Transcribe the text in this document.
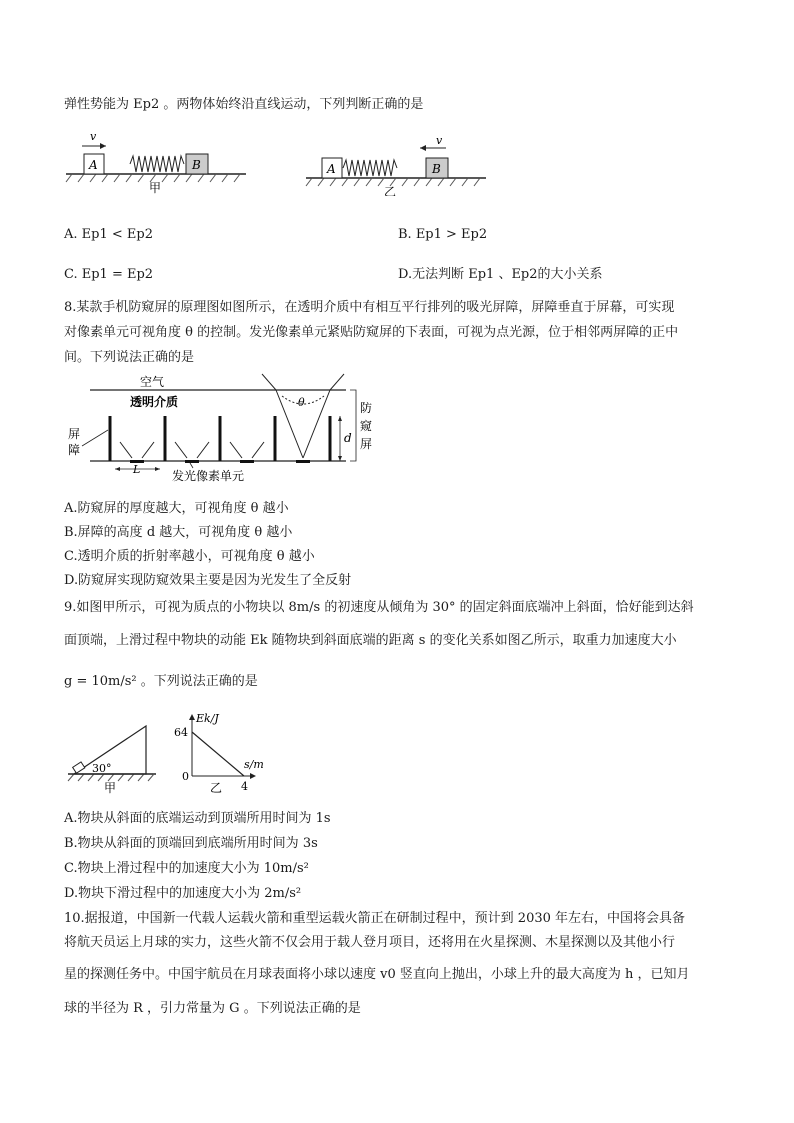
弹性势能为 Ep2 。两物体始终沿直线运动，下列判断正确的是
A	B
v
甲
A	B
v
乙
A. Ep1 < Ep2	B. Ep1 > Ep2
C. Ep1 = Ep2	D.无法判断 Ep1 、Ep2的大小关系
8.某款手机防窥屏的原理图如图所示，在透明介质中有相互平行排列的吸光屏障，屏障垂直于屏幕，可实现
对像素单元可视角度 θ 的控制。发光像素单元紧贴防窥屏的下表面，可视为点光源，位于相邻两屏障的正中
间。下列说法正确的是
空气
透明介质
屏
障
θ
L	发光像素单元
d
防
窥
屏
A.防窥屏的厚度越大，可视角度 θ 越小
B.屏障的高度 d 越大，可视角度 θ 越小
C.透明介质的折射率越小，可视角度 θ 越小
D.防窥屏实现防窥效果主要是因为光发生了全反射
9.如图甲所示，可视为质点的小物块以 8m/s 的初速度从倾角为 30° 的固定斜面底端冲上斜面，恰好能到达斜
面顶端，上滑过程中物块的动能 Ek 随物块到斜面底端的距离 s 的变化关系如图乙所示，取重力加速度大小
g = 10m/s² 。下列说法正确的是
30°
甲
Ek/J
64
0
4
s/m
乙
A.物块从斜面的底端运动到顶端所用时间为 1s
B.物块从斜面的顶端回到底端所用时间为 3s
C.物块上滑过程中的加速度大小为 10m/s²
D.物块下滑过程中的加速度大小为 2m/s²
10.据报道，中国新一代载人运载火箭和重型运载火箭正在研制过程中，预计到 2030 年左右，中国将会具备
将航天员运上月球的实力，这些火箭不仅会用于载人登月项目，还将用在火星探测、木星探测以及其他小行
星的探测任务中。中国宇航员在月球表面将小球以速度 v0 竖直向上抛出，小球上升的最大高度为 h ，已知月
球的半径为 R ，引力常量为 G 。下列说法正确的是
